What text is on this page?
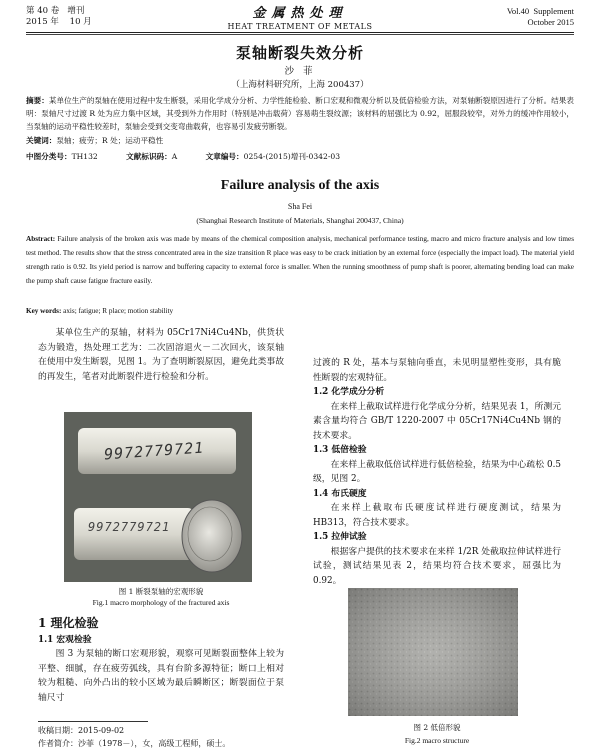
第 40 卷 增刊
2015 年 10 月
金属热处理
HEAT TREATMENT OF METALS
Vol.40 Supplement
October 2015
泵轴断裂失效分析
沙 菲
（上海材料研究所，上海 200437）
摘要：某单位生产的泵轴在使用过程中发生断裂，采用化学成分分析、力学性能检验、断口宏观和微观分析以及低倍检验方法，对泵轴断裂原因进行了分析。结果表明：泵轴尺寸过渡 R 处为应力集中区域，其受到外力作用时（特别是冲击载荷）容易萌生裂纹源；该材料的屈强比为 0.92，屈服段较窄，对外力的缓冲作用较小，当泵轴的运动平稳性较差时，泵轴会受到交变弯曲载荷，也容易引发疲劳断裂。
关键词：泵轴；疲劳；R 处；运动平稳性
中图分类号：TH132	文献标识码：A	文章编号：0254-(2015)增刊-0342-03
Failure analysis of the axis
Sha Fei
(Shanghai Research Institute of Materials, Shanghai 200437, China)
Abstract: Failure analysis of the broken axis was made by means of the chemical composition analysis, mechanical performance testing, macro and micro fracture analysis and low times test method. The results show that the stress concentrated area in the size transition R place was easy to be crack initiation by an external force (especially the impact load). The material yield strength ratio is 0.92. Its yield period is narrow and buffering capacity to external force is smaller. When the running smoothness of pump shaft is poorer, alternating bending load can make the pump shaft cause fatigue fracture easily.
Key words: axis; fatigue; R place; motion stability

某单位生产的泵轴，材料为 05Cr17Ni4Cu4Nb，供货状态为锻造，热处理工艺为：二次固溶退火－二次回火，该泵轴在使用中发生断裂，见图 1。为了查明断裂原因，避免此类事故的再发生，笔者对此断裂件进行检验和分析。

9972779721
9972779721
图 1 断裂泵轴的宏观形貌
Fig.1 macro morphology of the fractured axis
1 理化检验
1.1 宏观检验

图 3 为泵轴的断口宏观形貌，观察可见断裂面整体上较为平整、细腻，存在疲劳弧线，具有台阶多源特征；断口上相对较为粗糙、向外凸出的较小区域为最后瞬断区；断裂面位于泵轴尺寸

收稿日期：2015-09-02
作者简介：沙菲（1978－），女，高级工程师，硕士。

过渡的 R 处，基本与泵轴向垂直，未见明显塑性变形，具有脆性断裂的宏观特征。

1.2 化学成分分析

在来样上截取试样进行化学成分分析，结果见表 1，所测元素含量均符合 GB/T 1220-2007 中 05Cr17Ni4Cu4Nb 钢的技术要求。

1.3 低倍检验

在来样上截取低倍试样进行低倍检验，结果为中心疏松 0.5 级，见图 2。

1.4 布氏硬度

在来样上截取布氏硬度试样进行硬度测试，结果为 HB313，符合技术要求。

1.5 拉伸试验

根据客户提供的技术要求在来样 1/2R 处截取拉伸试样进行试验，测试结果见表 2，结果均符合技术要求，屈强比为 0.92。

图 2 低倍形貌
Fig.2 macro structure
